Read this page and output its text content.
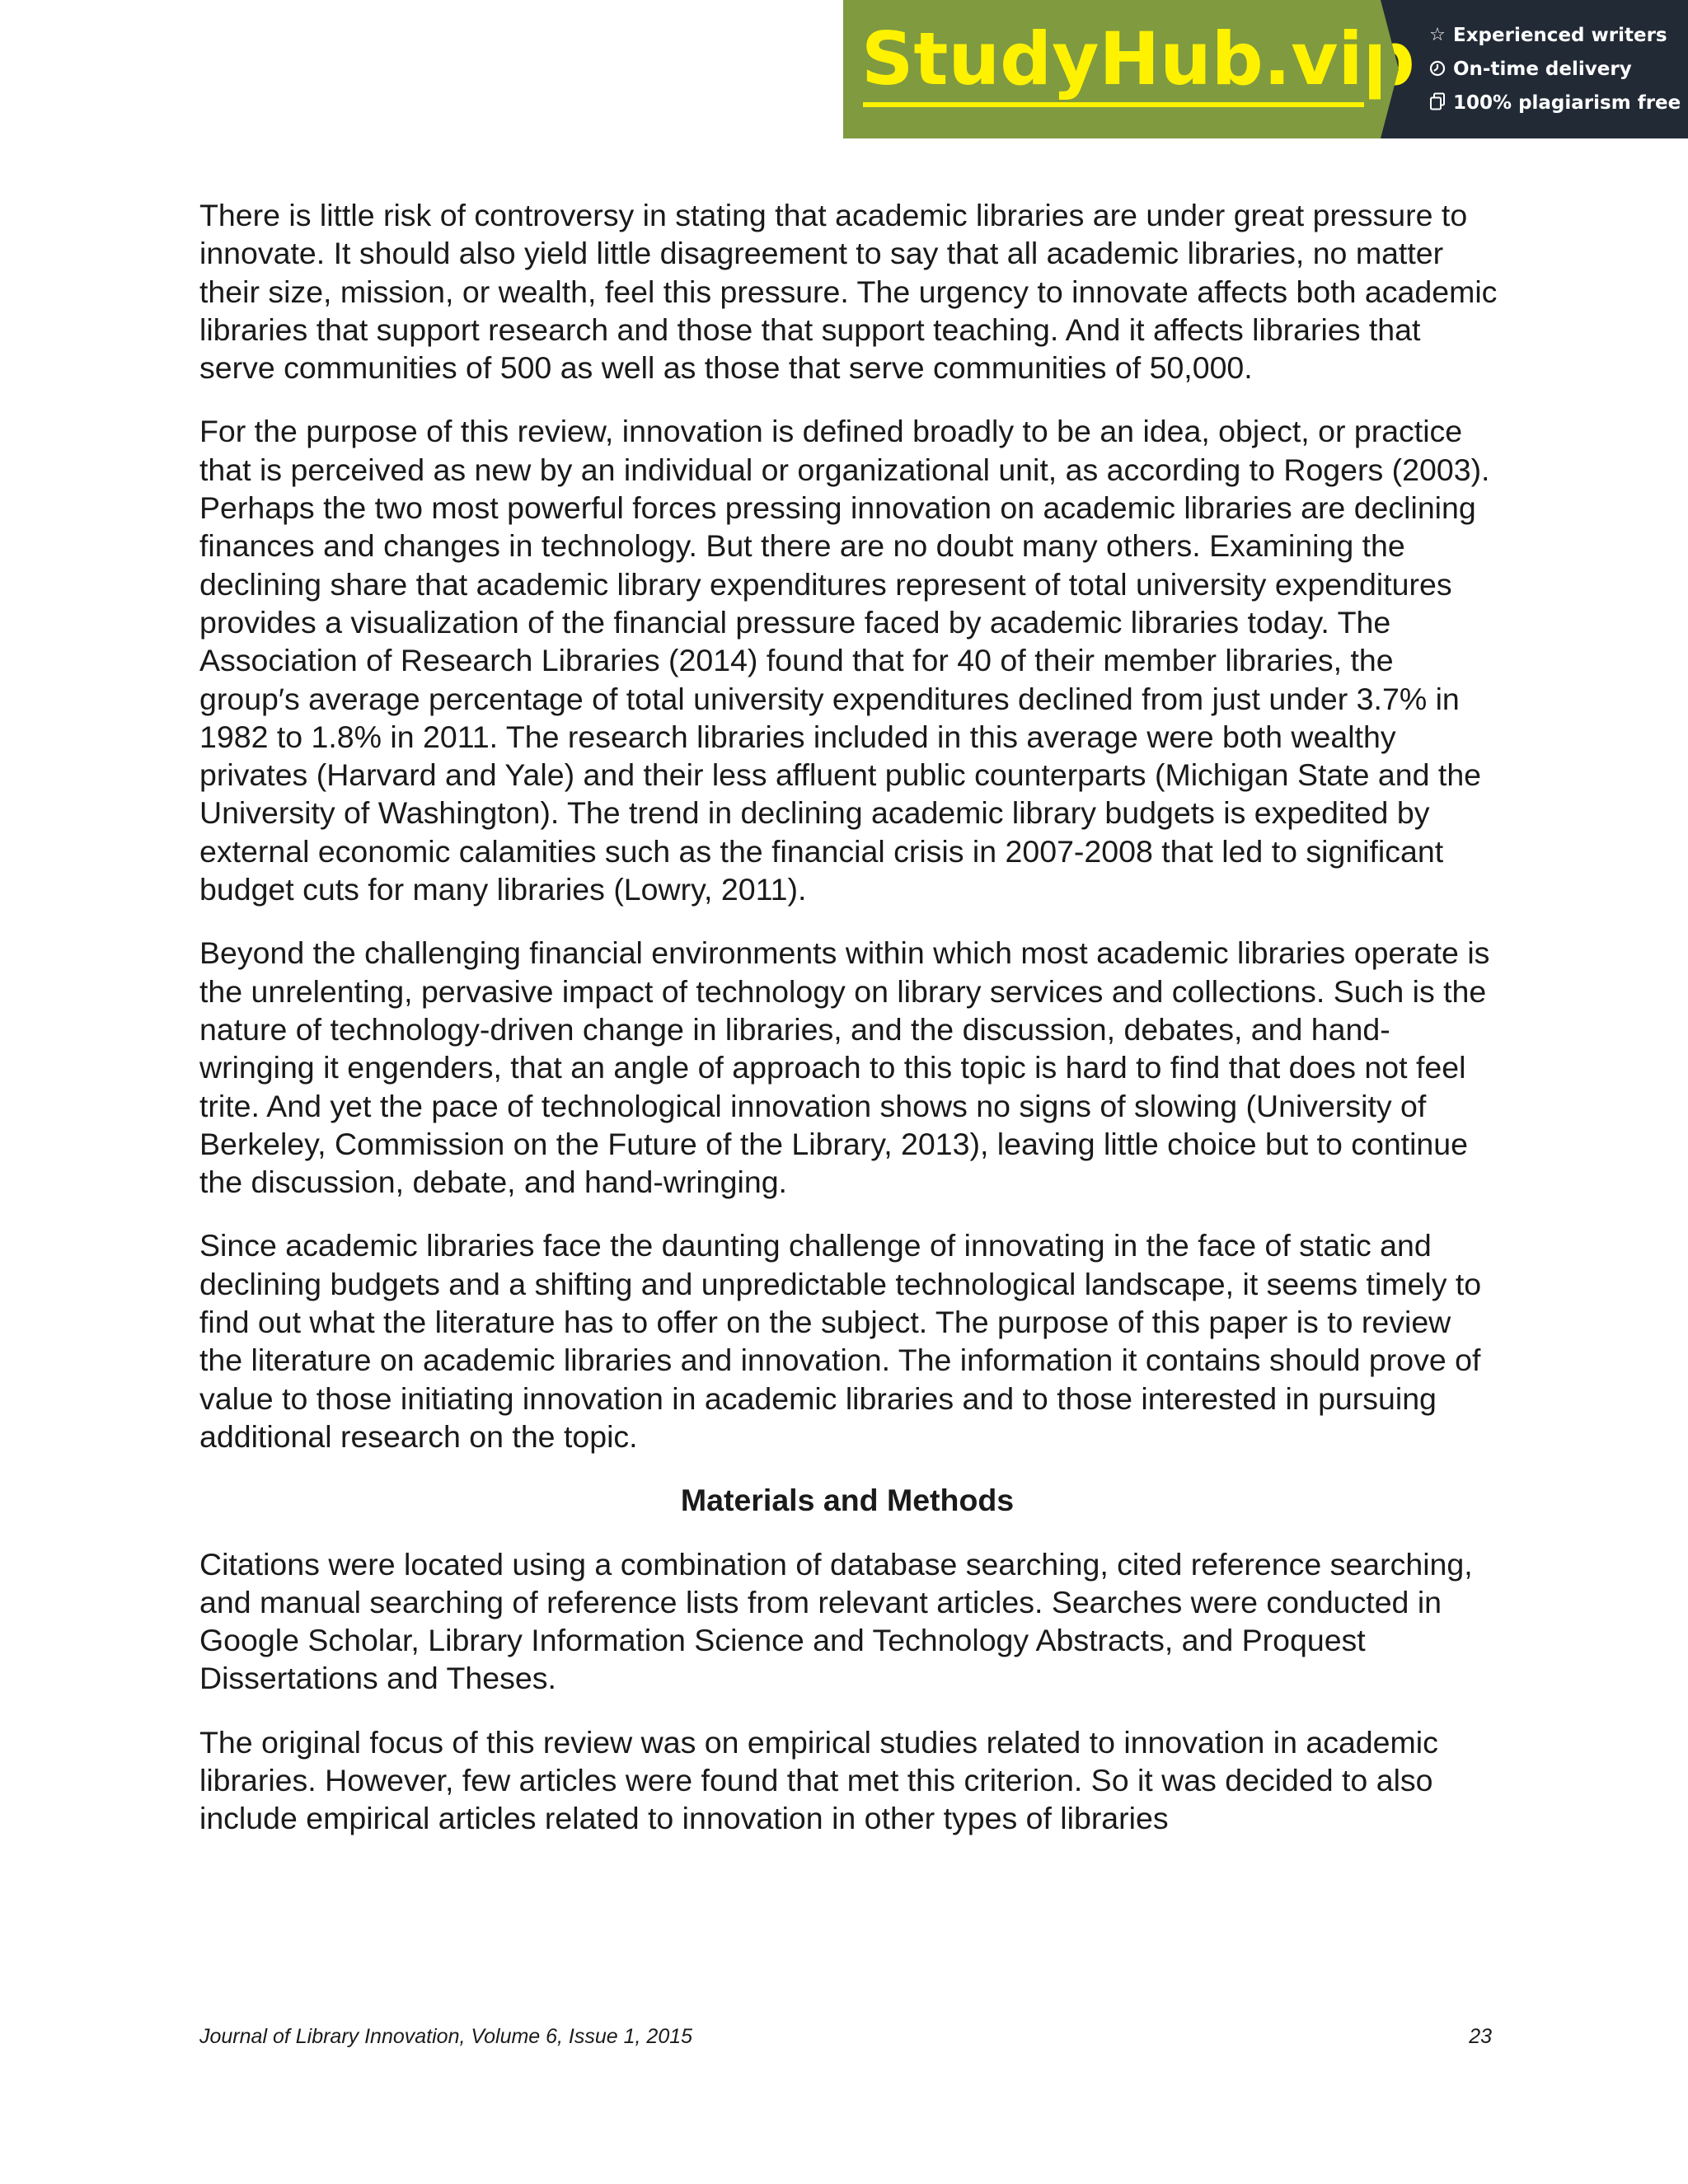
StudyHub.vip ☆ Experienced writers
On-time delivery
100% plagiarism free

There is little risk of controversy in stating that academic libraries are under great pressure to innovate. It should also yield little disagreement to say that all academic libraries, no matter their size, mission, or wealth, feel this pressure. The urgency to innovate affects both academic libraries that support research and those that support teaching. And it affects libraries that serve communities of 500 as well as those that serve communities of 50,000.

For the purpose of this review, innovation is defined broadly to be an idea, object, or practice that is perceived as new by an individual or organizational unit, as according to Rogers (2003). Perhaps the two most powerful forces pressing innovation on academic libraries are declining finances and changes in technology. But there are no doubt many others. Examining the declining share that academic library expenditures represent of total university expenditures provides a visualization of the financial pressure faced by academic libraries today. The Association of Research Libraries (2014) found that for 40 of their member libraries, the group′s average percentage of total university expenditures declined from just under 3.7% in 1982 to 1.8% in 2011. The research libraries included in this average were both wealthy privates (Harvard and Yale) and their less affluent public counterparts (Michigan State and the University of Washington). The trend in declining academic library budgets is expedited by external economic calamities such as the financial crisis in 2007-2008 that led to significant budget cuts for many libraries (Lowry, 2011).

Beyond the challenging financial environments within which most academic libraries operate is the unrelenting, pervasive impact of technology on library services and collections. Such is the nature of technology-driven change in libraries, and the discussion, debates, and hand-wringing it engenders, that an angle of approach to this topic is hard to find that does not feel trite. And yet the pace of technological innovation shows no signs of slowing (University of Berkeley, Commission on the Future of the Library, 2013), leaving little choice but to continue the discussion, debate, and hand-wringing.

Since academic libraries face the daunting challenge of innovating in the face of static and declining budgets and a shifting and unpredictable technological landscape, it seems timely to find out what the literature has to offer on the subject. The purpose of this paper is to review the literature on academic libraries and innovation. The information it contains should prove of value to those initiating innovation in academic libraries and to those interested in pursuing additional research on the topic.

Materials and Methods

Citations were located using a combination of database searching, cited reference searching, and manual searching of reference lists from relevant articles. Searches were conducted in Google Scholar, Library Information Science and Technology Abstracts, and Proquest Dissertations and Theses.

The original focus of this review was on empirical studies related to innovation in academic libraries. However, few articles were found that met this criterion. So it was decided to also include empirical articles related to innovation in other types of libraries

Journal of Library Innovation, Volume 6, Issue 1, 2015	23
